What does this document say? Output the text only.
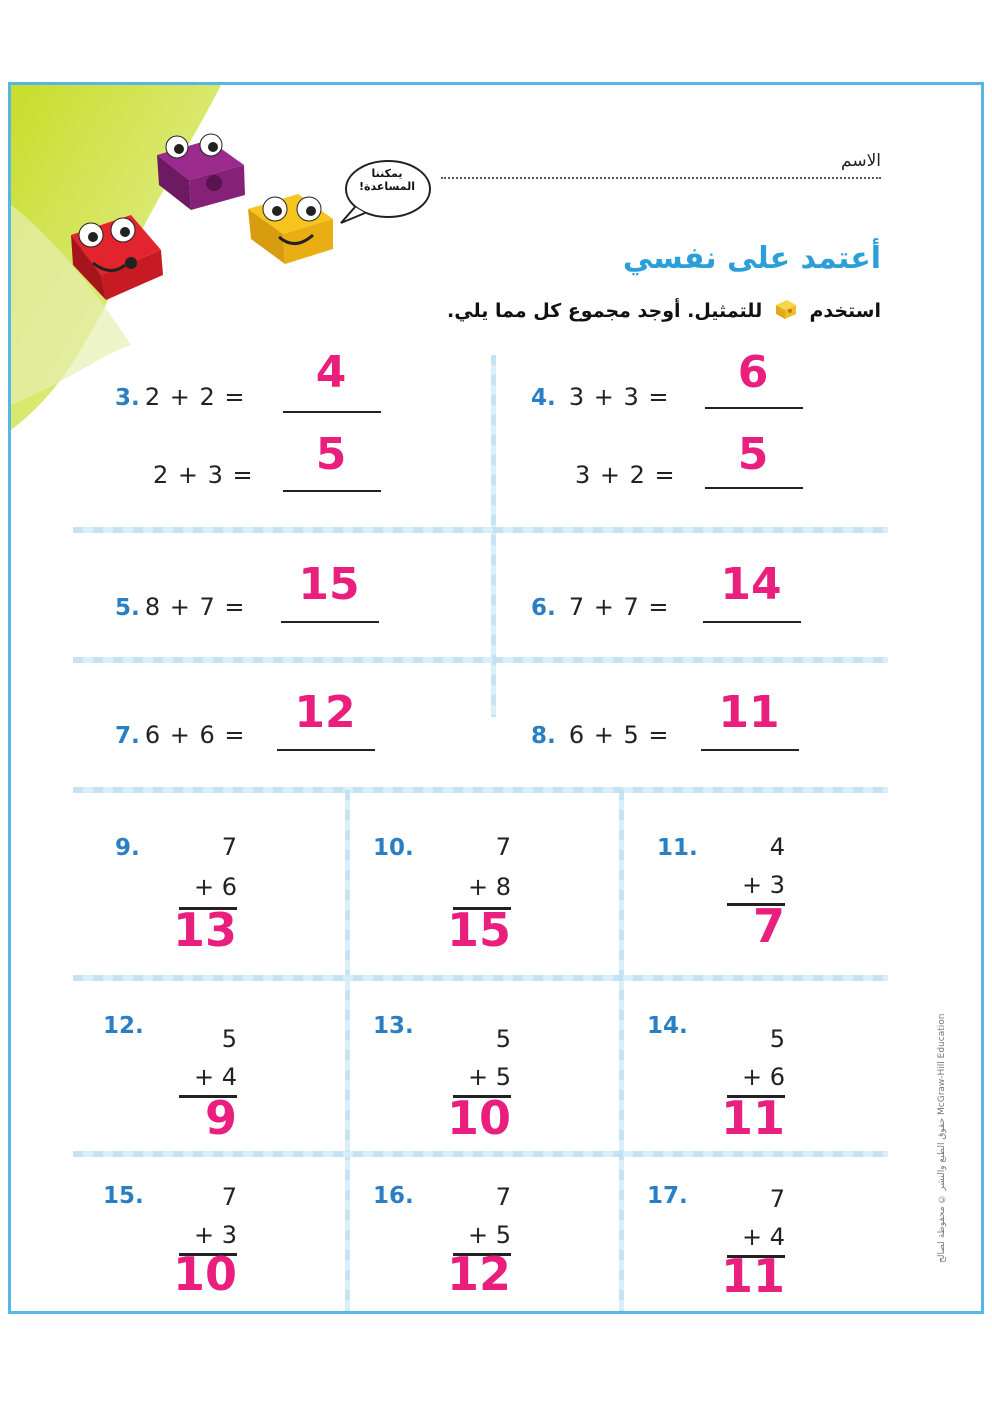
يمكننا المساعدة!
الاسم
أعتمد على نفسي
استخدم  للتمثيل. أوجد مجموع كل مما يلي.
3. 2 + 2 =	4
2 + 3 =	5
4. 3 + 3 =	6
3 + 2 =	5
5. 8 + 7 =	15	6. 7 + 7 =	14
7. 6 + 6 =	12	8. 6 + 5 =	11
9.	7
+ 6
13
10.	7
+ 8
15
11.	4
+ 3
7
12.	5
+ 4
9
13.	5
+ 5
10
14.	5
+ 6
11
15.	7
+ 3
10
16.	7
+ 5
12
17.	7
+ 4
11
حقوق الطبع والنشر © محفوظة لصالح McGraw-Hill Education
